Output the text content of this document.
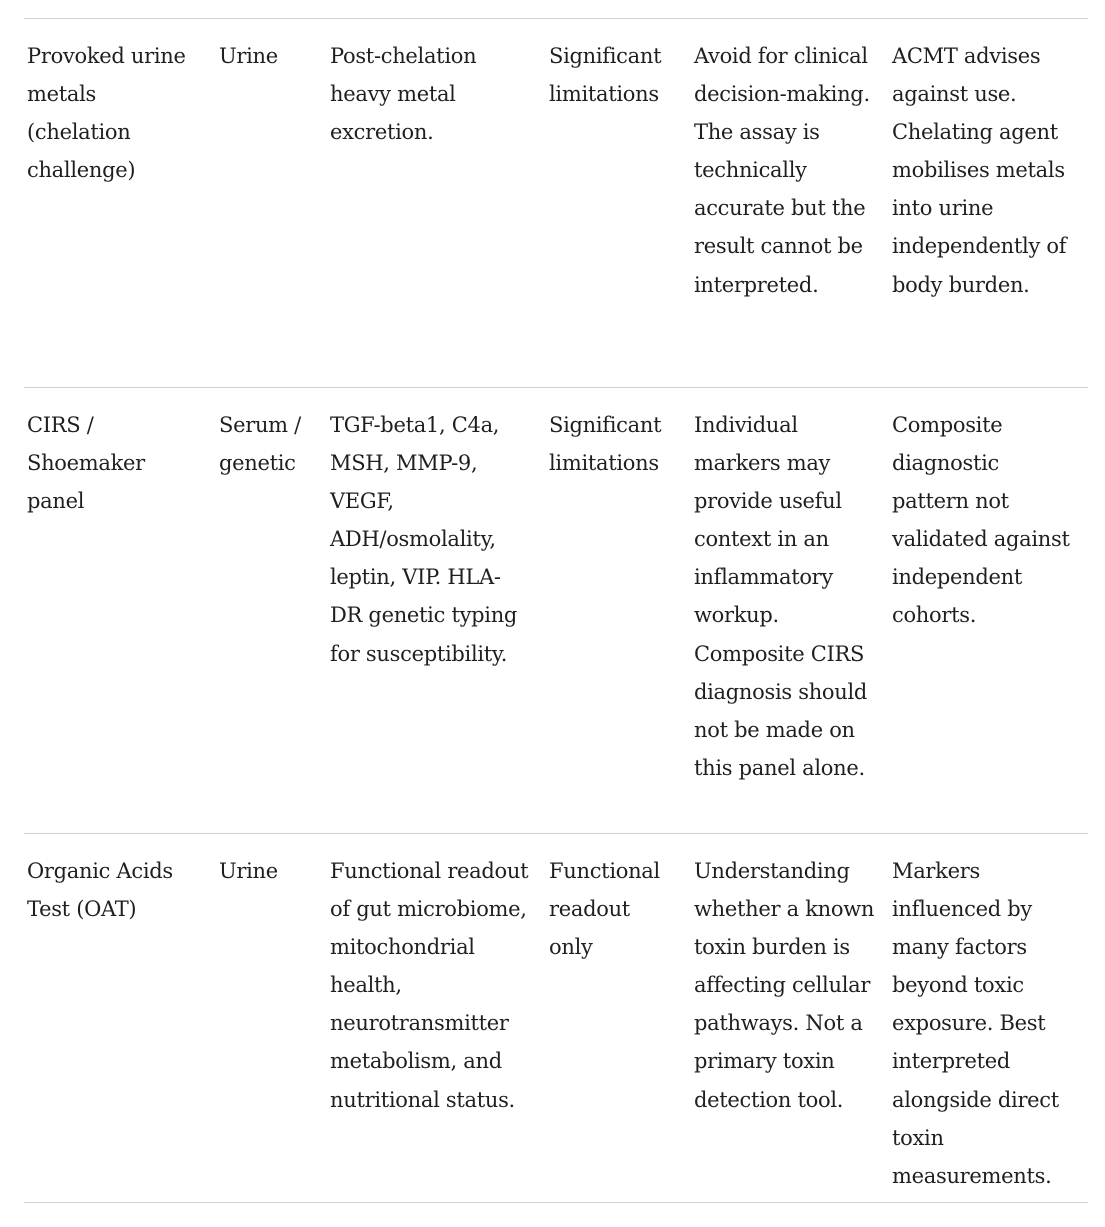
Provoked urine metals (chelation challenge)
Urine	Post-chelation heavy metal excretion.
Significant limitations
Avoid for clinical decision-making. The assay is technically accurate but the result cannot be interpreted.
ACMT advises against use. Chelating agent mobilises metals into urine independently of body burden.
CIRS / Shoemaker panel
Serum / genetic
TGF-beta1, C4a, MSH, MMP-9, VEGF, ADH/osmolality, leptin, VIP. HLA-DR genetic typing for susceptibility.
Significant limitations
Individual markers may provide useful context in an inflammatory workup. Composite CIRS diagnosis should not be made on this panel alone.
Composite diagnostic pattern not validated against independent cohorts.
Organic Acids Test (OAT)
Urine	Functional readout of gut microbiome, mitochondrial health, neurotransmitter metabolism, and nutritional status.
Functional readout only
Understanding whether a known toxin burden is affecting cellular pathways. Not a primary toxin detection tool.
Markers influenced by many factors beyond toxic exposure. Best interpreted alongside direct toxin measurements.
